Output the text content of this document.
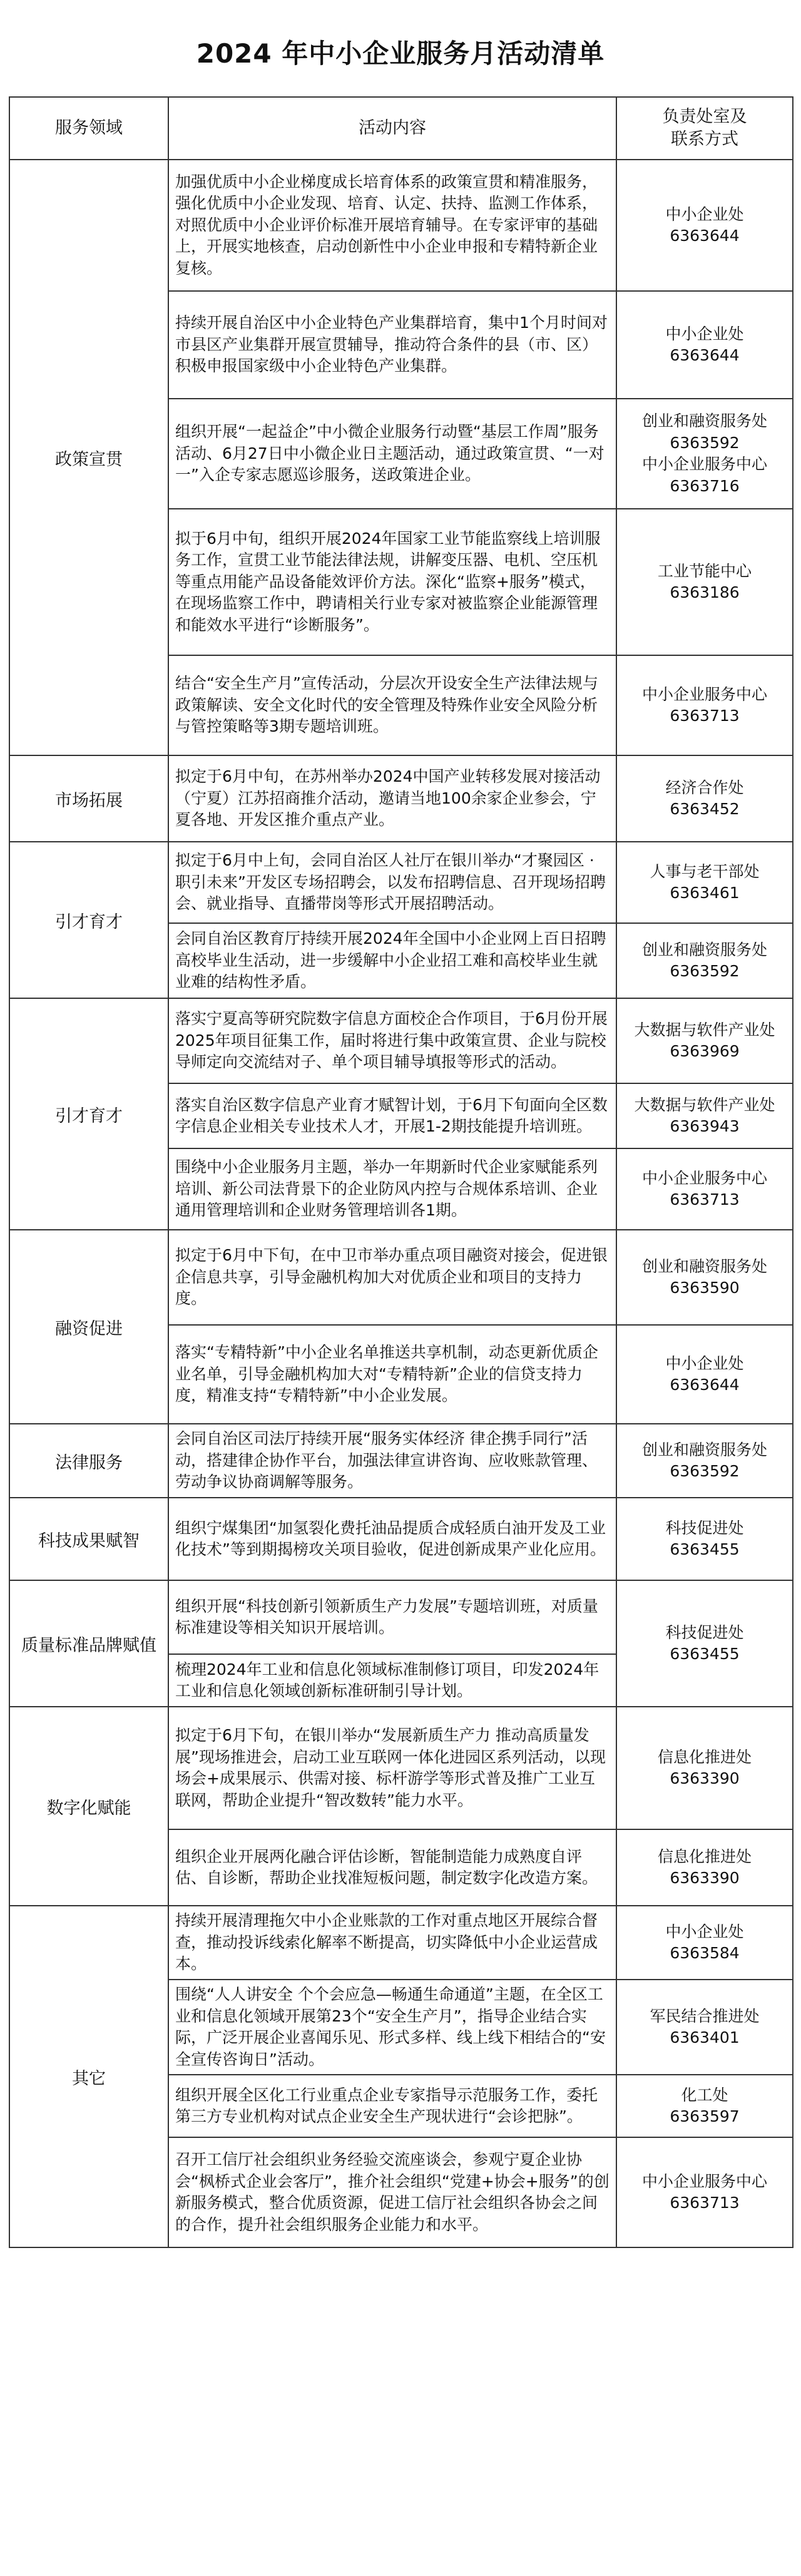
2024 年中小企业服务月活动清单
服务领域	活动内容	负责处室及
联系方式

政策宣贯	加强优质中小企业梯度成长培育体系的政策宣贯和精准服务，强化优质中小企业发现、培育、认定、扶持、监测工作体系，对照优质中小企业评价标准开展培育辅导。在专家评审的基础上，开展实地核查，启动创新性中小企业申报和专精特新企业复核。	中小企业处
6363644

	持续开展自治区中小企业特色产业集群培育，集中1个月时间对市县区产业集群开展宣贯辅导，推动符合条件的县（市、区）积极申报国家级中小企业特色产业集群。	中小企业处
6363644

	组织开展“一起益企”中小微企业服务行动暨“基层工作周”服务活动、6月27日中小微企业日主题活动，通过政策宣贯、“一对一”入企专家志愿巡诊服务，送政策进企业。	创业和融资服务处
6363592
中小企业服务中心
6363716

	拟于6月中旬，组织开展2024年国家工业节能监察线上培训服务工作，宣贯工业节能法律法规，讲解变压器、电机、空压机等重点用能产品设备能效评价方法。深化“监察+服务”模式，在现场监察工作中，聘请相关行业专家对被监察企业能源管理和能效水平进行“诊断服务”。	工业节能中心
6363186

	结合“安全生产月”宣传活动，分层次开设安全生产法律法规与政策解读、安全文化时代的安全管理及特殊作业安全风险分析与管控策略等3期专题培训班。	中小企业服务中心
6363713

市场拓展	拟定于6月中旬，在苏州举办2024中国产业转移发展对接活动（宁夏）江苏招商推介活动，邀请当地100余家企业参会，宁夏各地、开发区推介重点产业。	经济合作处
6363452

引才育才	拟定于6月中上旬，会同自治区人社厅在银川举办“才聚园区 · 职引未来”开发区专场招聘会，以发布招聘信息、召开现场招聘会、就业指导、直播带岗等形式开展招聘活动。	人事与老干部处
6363461

	会同自治区教育厅持续开展2024年全国中小企业网上百日招聘高校毕业生活动，进一步缓解中小企业招工难和高校毕业生就业难的结构性矛盾。	创业和融资服务处
6363592

引才育才	落实宁夏高等研究院数字信息方面校企合作项目，于6月份开展2025年项目征集工作，届时将进行集中政策宣贯、企业与院校导师定向交流结对子、单个项目辅导填报等形式的活动。	大数据与软件产业处
6363969

	落实自治区数字信息产业育才赋智计划，于6月下旬面向全区数字信息企业相关专业技术人才，开展1-2期技能提升培训班。	大数据与软件产业处
6363943

	围绕中小企业服务月主题，举办一年期新时代企业家赋能系列培训、新公司法背景下的企业防风内控与合规体系培训、企业通用管理培训和企业财务管理培训各1期。	中小企业服务中心
6363713

融资促进	拟定于6月中下旬，在中卫市举办重点项目融资对接会，促进银企信息共享，引导金融机构加大对优质企业和项目的支持力度。	创业和融资服务处
6363590

	落实“专精特新”中小企业名单推送共享机制，动态更新优质企业名单，引导金融机构加大对“专精特新”企业的信贷支持力度，精准支持“专精特新”中小企业发展。	中小企业处
6363644

法律服务	会同自治区司法厅持续开展“服务实体经济 律企携手同行”活动，搭建律企协作平台，加强法律宣讲咨询、应收账款管理、劳动争议协商调解等服务。	创业和融资服务处
6363592

科技成果赋智	组织宁煤集团“加氢裂化费托油品提质合成轻质白油开发及工业化技术”等到期揭榜攻关项目验收，促进创新成果产业化应用。	科技促进处
6363455

质量标准品牌赋值	组织开展“科技创新引领新质生产力发展”专题培训班，对质量标准建设等相关知识开展培训。	科技促进处
6363455

	梳理2024年工业和信息化领域标准制修订项目，印发2024年工业和信息化领域创新标准研制引导计划。	
数字化赋能	拟定于6月下旬，在银川举办“发展新质生产力 推动高质量发展”现场推进会，启动工业互联网一体化进园区系列活动，以现场会+成果展示、供需对接、标杆游学等形式普及推广工业互联网，帮助企业提升“智改数转”能力水平。	信息化推进处
6363390

	组织企业开展两化融合评估诊断，智能制造能力成熟度自评估、自诊断，帮助企业找准短板问题，制定数字化改造方案。	信息化推进处
6363390

其它	持续开展清理拖欠中小企业账款的工作对重点地区开展综合督查，推动投诉线索化解率不断提高，切实降低中小企业运营成本。	中小企业处
6363584

	围绕“人人讲安全 个个会应急—畅通生命通道”主题，在全区工业和信息化领域开展第23个“安全生产月”，指导企业结合实际，广泛开展企业喜闻乐见、形式多样、线上线下相结合的“安全宣传咨询日”活动。	军民结合推进处
6363401

	组织开展全区化工行业重点企业专家指导示范服务工作，委托第三方专业机构对试点企业安全生产现状进行“会诊把脉”。	化工处
6363597

	召开工信厅社会组织业务经验交流座谈会，参观宁夏企业协会“枫桥式企业会客厅”，推介社会组织“党建+协会+服务”的创新服务模式，整合优质资源，促进工信厅社会组织各协会之间的合作，提升社会组织服务企业能力和水平。	中小企业服务中心
6363713
